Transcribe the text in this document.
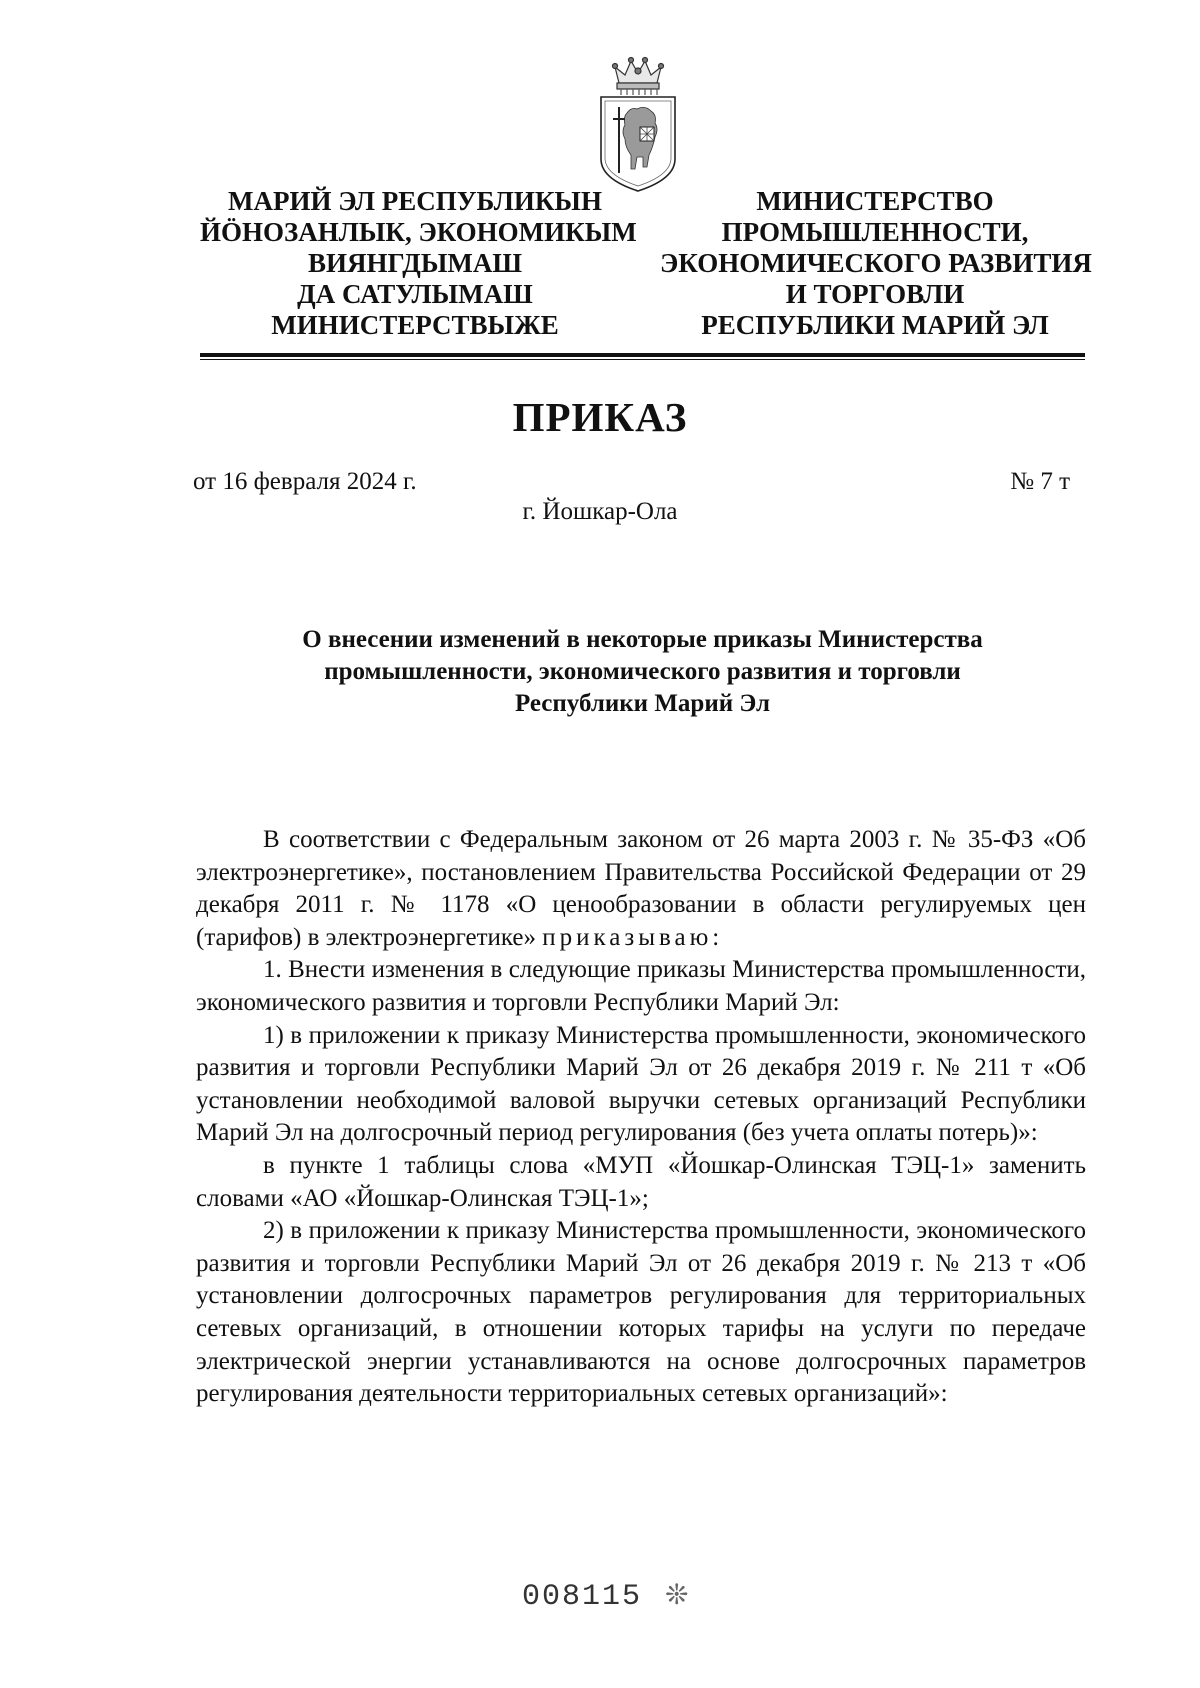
МАРИЙ ЭЛ РЕСПУБЛИКЫН
ЙӦНОЗАНЛЫК, ЭКОНОМИКЫМ
ВИЯНГДЫМАШ
ДА САТУЛЫМАШ
МИНИСТЕРСТВЫЖЕ
МИНИСТЕРСТВО
ПРОМЫШЛЕННОСТИ,
ЭКОНОМИЧЕСКОГО РАЗВИТИЯ
И ТОРГОВЛИ
РЕСПУБЛИКИ МАРИЙ ЭЛ
ПРИКАЗ
от 16 февраля 2024 г.	№ 7 т
г. Йошкар-Ола
О внесении изменений в некоторые приказы Министерства
промышленности, экономического развития и торговли
Республики Марий Эл

В соответствии с Федеральным законом от 26 марта 2003 г. № 35-ФЗ «Об электроэнергетике», постановлением Правительства Российской Федерации от 29 декабря 2011 г. № 1178 «О ценообразовании в области регулируемых цен (тарифов) в электроэнергетике» приказываю:

1. Внести изменения в следующие приказы Министерства промышленности, экономического развития и торговли Республики Марий Эл:

1) в приложении к приказу Министерства промышленности, экономического развития и торговли Республики Марий Эл от 26 декабря 2019 г. № 211 т «Об установлении необходимой валовой выручки сетевых организаций Республики Марий Эл на долгосрочный период регулирования (без учета оплаты потерь)»:

в пункте 1 таблицы слова «МУП «Йошкар-Олинская ТЭЦ-1» заменить словами «АО «Йошкар-Олинская ТЭЦ-1»;

2) в приложении к приказу Министерства промышленности, экономического развития и торговли Республики Марий Эл от 26 декабря 2019 г. № 213 т «Об установлении долгосрочных параметров регулирования для территориальных сетевых организаций, в отношении которых тарифы на услуги по передаче электрической энергии устанавливаются на основе долгосрочных параметров регулирования деятельности территориальных сетевых организаций»:

008115 ❊
